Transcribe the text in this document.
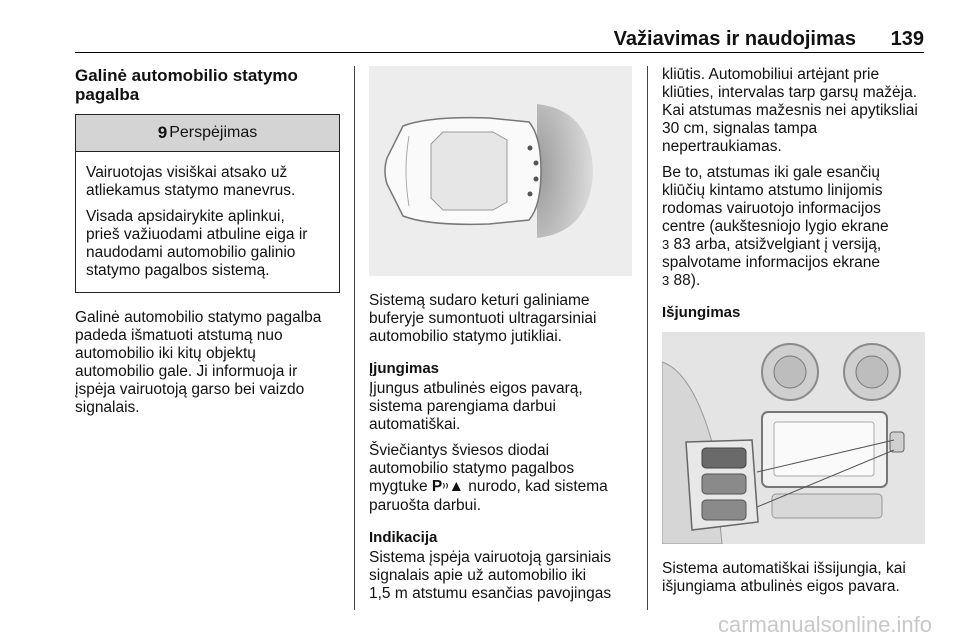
Važiavimas ir naudojimas 139
Galinė automobilio statymo
pagalba
9 Perspėjimas

Vairuotojas visiškai atsako už
atliekamus statymo manevrus.

Visada apsidairykite aplinkui,
prieš važiuodami atbuline eiga ir
naudodami automobilio galinio
statymo pagalbos sistemą.

Galinė automobilio statymo pagalba
padeda išmatuoti atstumą nuo
automobilio iki kitų objektų
automobilio gale. Ji informuoja ir
įspėja vairuotoją garso bei vaizdo
signalais.

Sistemą sudaro keturi galiniame
buferyje sumontuoti ultragarsiniai
automobilio statymo jutikliai.

Įjungimas

Įjungus atbulinės eigos pavarą,
sistema parengiama darbui
automatiškai.

Šviečiantys šviesos diodai
automobilio statymo pagalbos
mygtuke P⁾⁾▲ nurodo, kad sistema
paruošta darbui.

Indikacija

Sistema įspėja vairuotoją garsiniais
signalais apie už automobilio iki
1,5 m atstumu esančias pavojingas

kliūtis. Automobiliui artėjant prie
kliūties, intervalas tarp garsų mažėja.
Kai atstumas mažesnis nei apytiksliai
30 cm, signalas tampa
nepertraukiamas.

Be to, atstumas iki gale esančių
kliūčių kintamo atstumo linijomis
rodomas vairuotojo informacijos
centre (aukštesniojo lygio ekrane
3 83 arba, atsižvelgiant į versiją,
spalvotame informacijos ekrane
3 88).

Išjungimas

Sistema automatiškai išsijungia, kai
išjungiama atbulinės eigos pavara.

carmanualsonline.info
